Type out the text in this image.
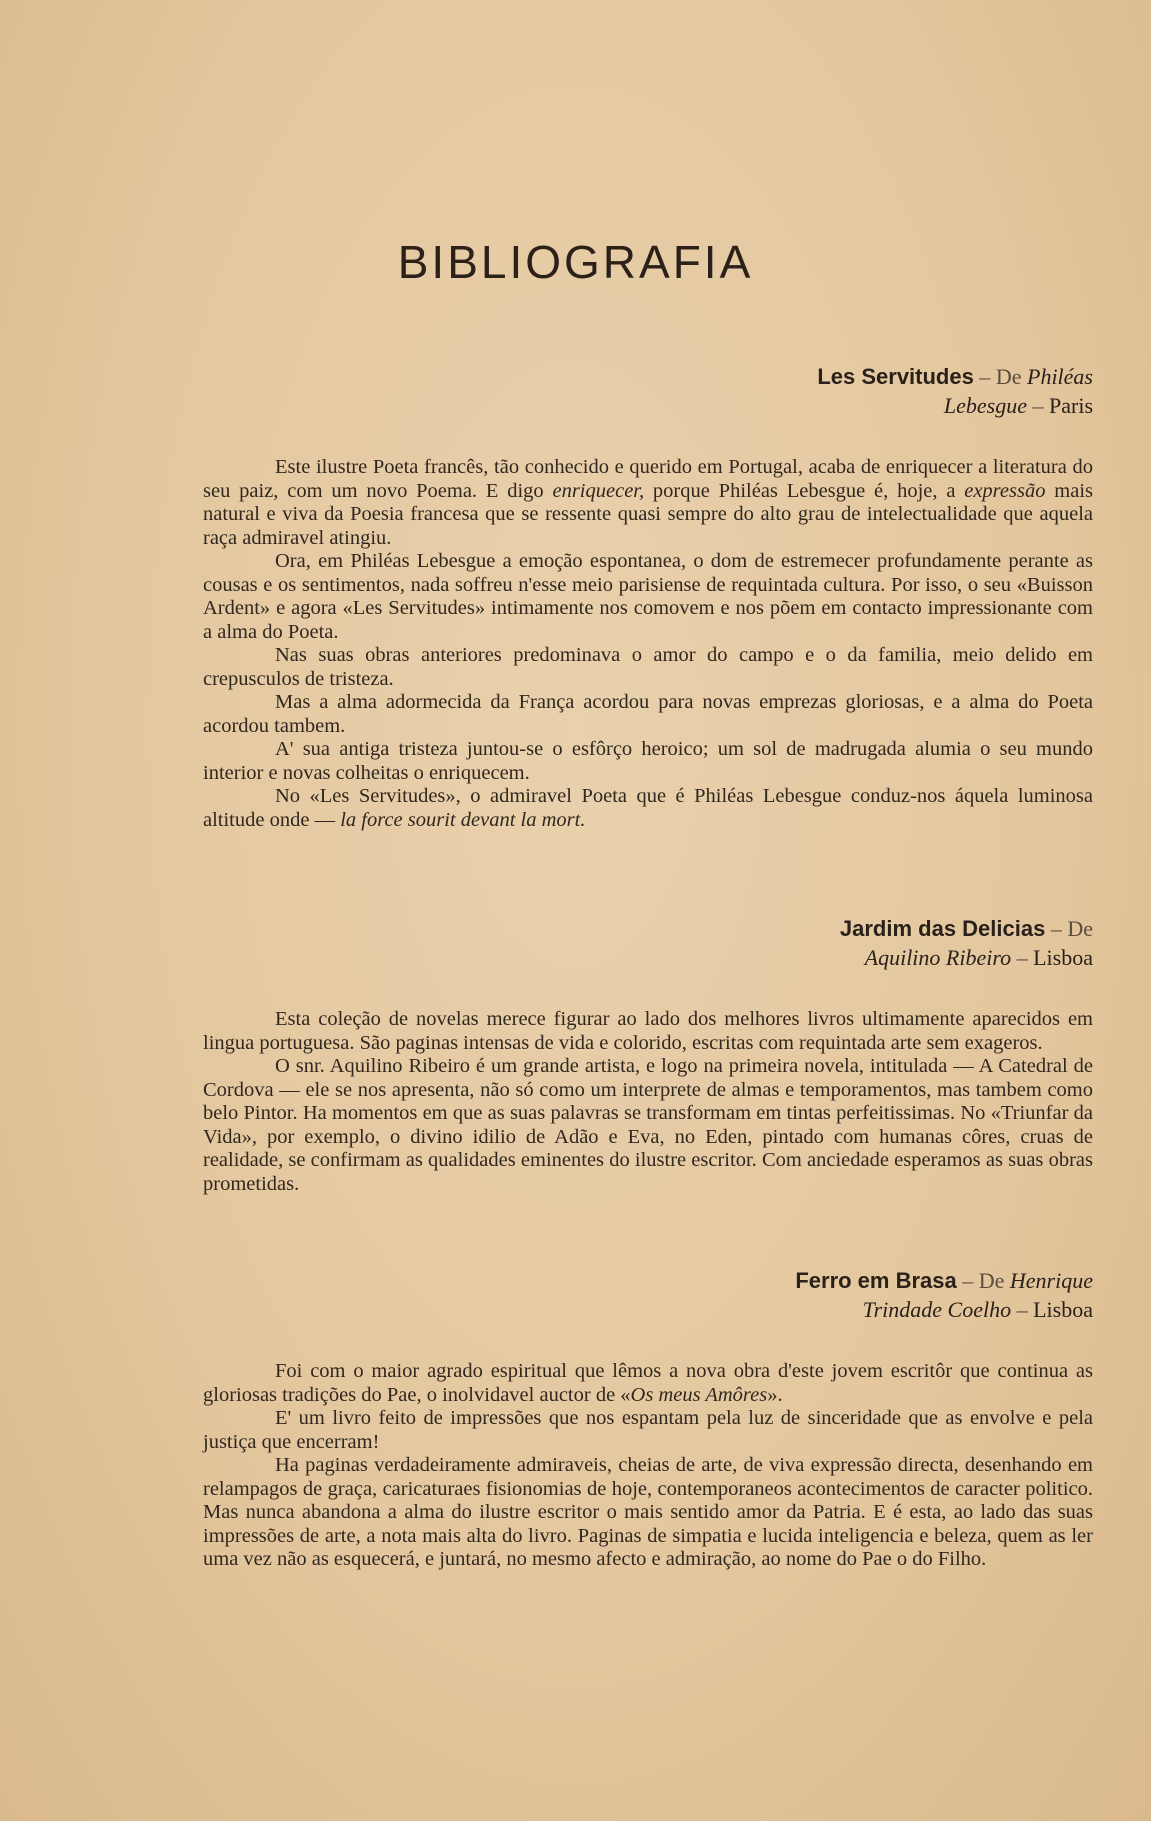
BIBLIOGRAFIA
Les Servitudes – De Philéas
Lebesgue – Paris

Este ilustre Poeta francês, tão conhecido e querido em Portugal, acaba de enriquecer a literatura do seu paiz, com um novo Poema. E digo enriquecer, porque Philéas Lebesgue é, hoje, a expressão mais natural e viva da Poesia francesa que se ressente quasi sempre do alto grau de intelectualidade que aquela raça admiravel atingiu.

Ora, em Philéas Lebesgue a emoção espontanea, o dom de estremecer profundamente perante as cousas e os sentimentos, nada soffreu n'esse meio parisiense de requintada cultura. Por isso, o seu «Buisson Ardent» e agora «Les Servitudes» intimamente nos comovem e nos põem em contacto impressionante com a alma do Poeta.

Nas suas obras anteriores predominava o amor do campo e o da familia, meio delido em crepusculos de tristeza.

Mas a alma adormecida da França acordou para novas emprezas gloriosas, e a alma do Poeta acordou tambem.

A' sua antiga tristeza juntou-se o esfôrço heroico; um sol de madrugada alumia o seu mundo interior e novas colheitas o enriquecem.

No «Les Servitudes», o admiravel Poeta que é Philéas Lebesgue conduz-nos áquela luminosa altitude onde — la force sourit devant la mort.

Jardim das Delicias – De
Aquilino Ribeiro – Lisboa

Esta coleção de novelas merece figurar ao lado dos melhores livros ultimamente aparecidos em lingua portuguesa. São paginas intensas de vida e colorido, escritas com requintada arte sem exageros.

O snr. Aquilino Ribeiro é um grande artista, e logo na primeira novela, intitulada — A Catedral de Cordova — ele se nos apresenta, não só como um interprete de almas e temporamentos, mas tambem como belo Pintor. Ha momentos em que as suas palavras se transformam em tintas perfeitissimas. No «Triunfar da Vida», por exemplo, o divino idilio de Adão e Eva, no Eden, pintado com humanas côres, cruas de realidade, se confirmam as qualidades eminentes do ilustre escritor. Com anciedade esperamos as suas obras prometidas.

Ferro em Brasa – De Henrique
Trindade Coelho – Lisboa

Foi com o maior agrado espiritual que lêmos a nova obra d'este jovem escritôr que continua as gloriosas tradições do Pae, o inolvidavel auctor de «Os meus Amôres».

E' um livro feito de impressões que nos espantam pela luz de sinceridade que as envolve e pela justiça que encerram!

Ha paginas verdadeiramente admiraveis, cheias de arte, de viva expressão directa, desenhando em relampagos de graça, caricaturaes fisionomias de hoje, contemporaneos acontecimentos de caracter politico. Mas nunca abandona a alma do ilustre escritor o mais sentido amor da Patria. E é esta, ao lado das suas impressões de arte, a nota mais alta do livro. Paginas de simpatia e lucida inteligencia e beleza, quem as ler uma vez não as esquecerá, e juntará, no mesmo afecto e admiração, ao nome do Pae o do Filho.
